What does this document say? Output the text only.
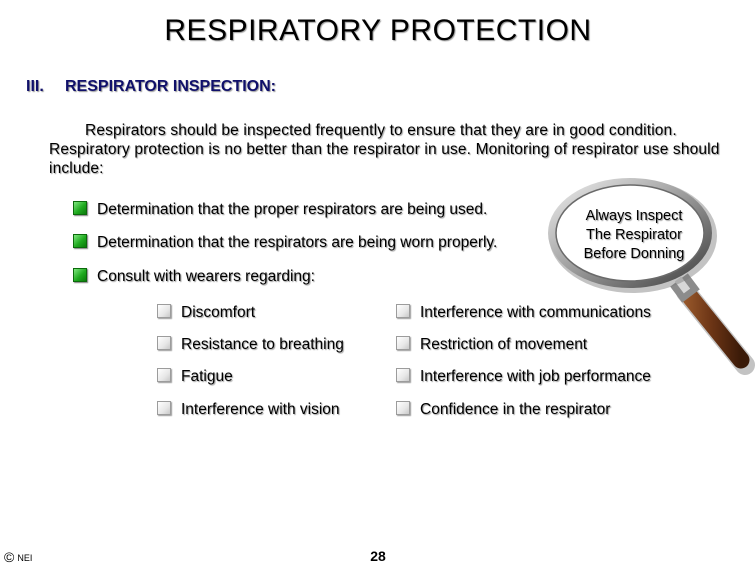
RESPIRATORY PROTECTION
III. RESPIRATOR INSPECTION:
Respirators should be inspected frequently to ensure that they are in good condition. Respiratory protection is no better than the respirator in use. Monitoring of respirator use should include:
Determination that the proper respirators are being used.
Determination that the respirators are being worn properly.
Consult with wearers regarding:
Discomfort
Resistance to breathing
Fatigue
Interference with vision
Interference with communications
Restriction of movement
Interference with job performance
Confidence in the respirator
Always Inspect
The Respirator
Before Donning
© NEI	28
